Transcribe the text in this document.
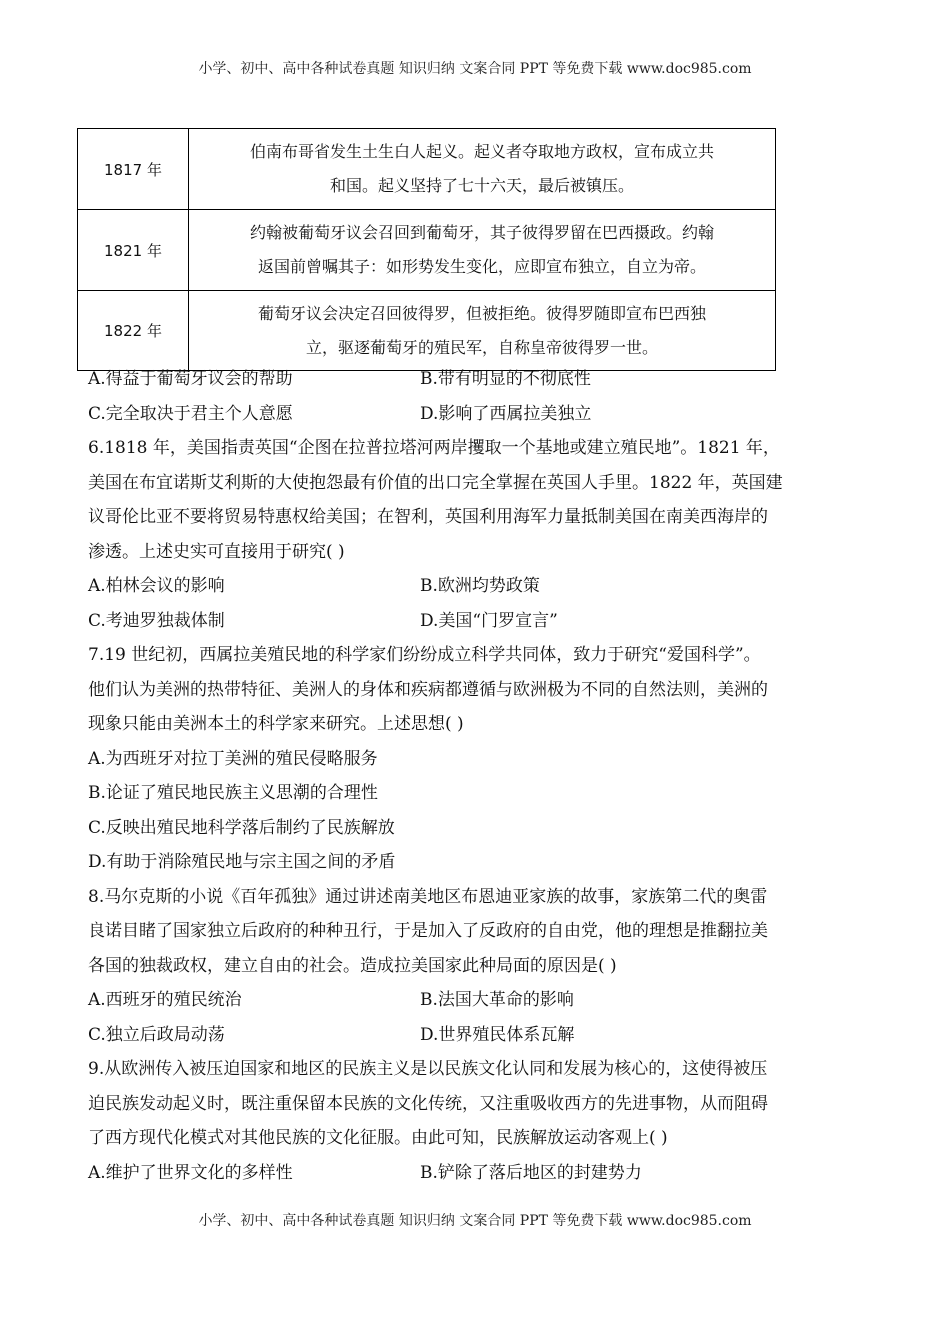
小学、初中、高中各种试卷真题 知识归纳 文案合同 PPT 等免费下载 www.doc985.com
1817 年	伯南布哥省发生土生白人起义。起义者夺取地方政权，宣布成立共
和国。起义坚持了七十六天，最后被镇压。

1821 年	约翰被葡萄牙议会召回到葡萄牙，其子彼得罗留在巴西摄政。约翰
返国前曾嘱其子：如形势发生变化，应即宣布独立，自立为帝。

1822 年	葡萄牙议会决定召回彼得罗，但被拒绝。彼得罗随即宣布巴西独
立，驱逐葡萄牙的殖民军，自称皇帝彼得罗一世。
A.得益于葡萄牙议会的帮助	B.带有明显的不彻底性
C.完全取决于君主个人意愿	D.影响了西属拉美独立
6.1818 年，美国指责英国“企图在拉普拉塔河两岸攫取一个基地或建立殖民地”。1821 年，
美国在布宜诺斯艾利斯的大使抱怨最有价值的出口完全掌握在英国人手里。1822 年，英国建
议哥伦比亚不要将贸易特惠权给美国；在智利，英国利用海军力量抵制美国在南美西海岸的
渗透。上述史实可直接用于研究( )
A.柏林会议的影响	B.欧洲均势政策
C.考迪罗独裁体制	D.美国“门罗宣言”
7.19 世纪初，西属拉美殖民地的科学家们纷纷成立科学共同体，致力于研究“爱国科学”。
他们认为美洲的热带特征、美洲人的身体和疾病都遵循与欧洲极为不同的自然法则，美洲的
现象只能由美洲本土的科学家来研究。上述思想( )
A.为西班牙对拉丁美洲的殖民侵略服务
B.论证了殖民地民族主义思潮的合理性
C.反映出殖民地科学落后制约了民族解放
D.有助于消除殖民地与宗主国之间的矛盾
8.马尔克斯的小说《百年孤独》通过讲述南美地区布恩迪亚家族的故事，家族第二代的奥雷
良诺目睹了国家独立后政府的种种丑行，于是加入了反政府的自由党，他的理想是推翻拉美
各国的独裁政权，建立自由的社会。造成拉美国家此种局面的原因是( )
A.西班牙的殖民统治	B.法国大革命的影响
C.独立后政局动荡	D.世界殖民体系瓦解
9.从欧洲传入被压迫国家和地区的民族主义是以民族文化认同和发展为核心的，这使得被压
迫民族发动起义时，既注重保留本民族的文化传统，又注重吸收西方的先进事物，从而阻碍
了西方现代化模式对其他民族的文化征服。由此可知，民族解放运动客观上( )
A.维护了世界文化的多样性	B.铲除了落后地区的封建势力
小学、初中、高中各种试卷真题 知识归纳 文案合同 PPT 等免费下载 www.doc985.com
